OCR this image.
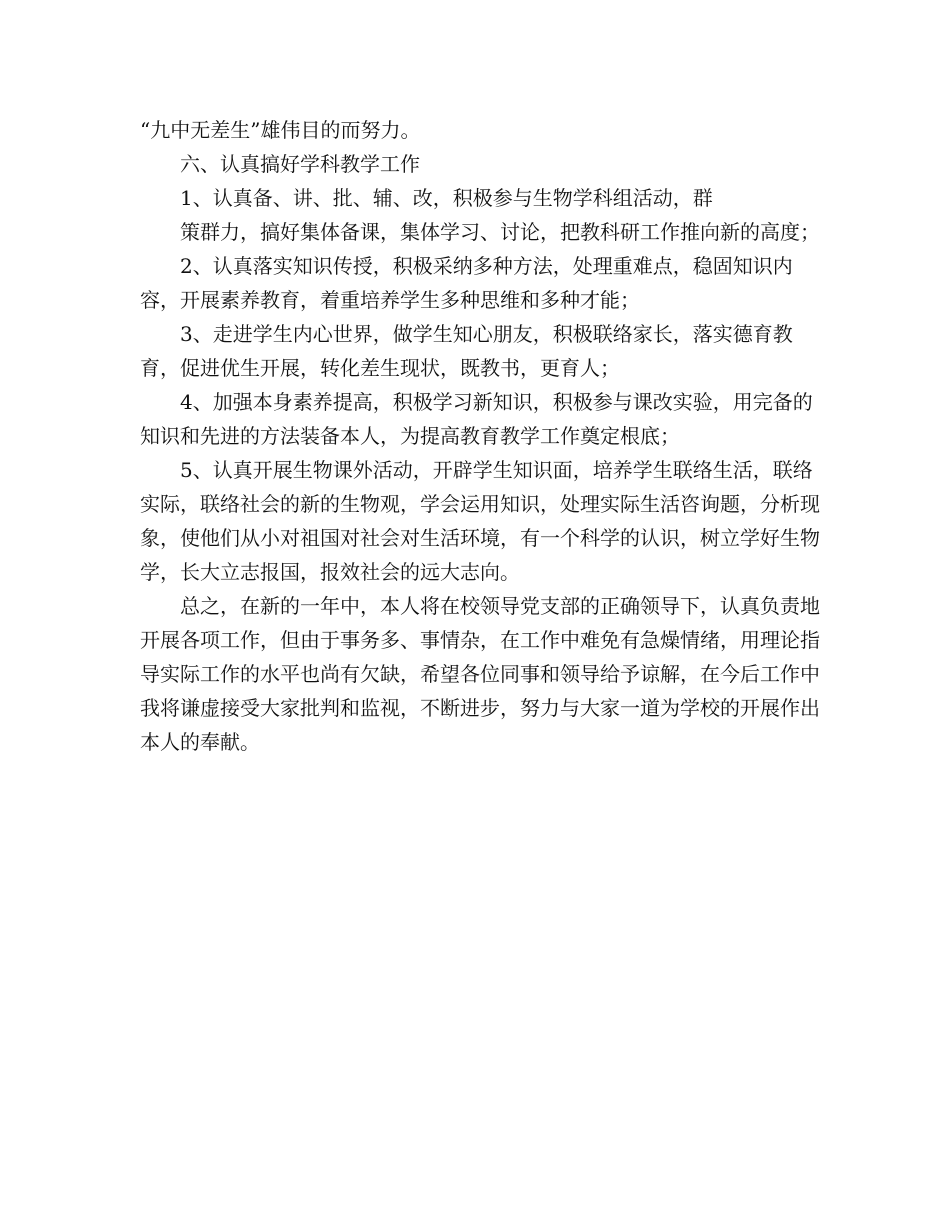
“九中无差生”雄伟目的而努力。

六、认真搞好学科教学工作

1、认真备、讲、批、辅、改，积极参与生物学科组活动，群

策群力，搞好集体备课，集体学习、讨论，把教科研工作推向新的高度；

2、认真落实知识传授，积极采纳多种方法，处理重难点，稳固知识内容，开展素养教育，着重培养学生多种思维和多种才能；

3、走进学生内心世界，做学生知心朋友，积极联络家长，落实德育教育，促进优生开展，转化差生现状，既教书，更育人；

4、加强本身素养提高，积极学习新知识，积极参与课改实验，用完备的知识和先进的方法装备本人，为提高教育教学工作奠定根底；

5、认真开展生物课外活动，开辟学生知识面，培养学生联络生活，联络实际，联络社会的新的生物观，学会运用知识，处理实际生活咨询题，分析现象，使他们从小对祖国对社会对生活环境，有一个科学的认识，树立学好生物学，长大立志报国，报效社会的远大志向。

总之，在新的一年中，本人将在校领导党支部的正确领导下，认真负责地开展各项工作，但由于事务多、事情杂，在工作中难免有急燥情绪，用理论指导实际工作的水平也尚有欠缺，希望各位同事和领导给予谅解，在今后工作中我将谦虚接受大家批判和监视，不断进步，努力与大家一道为学校的开展作出本人的奉献。
